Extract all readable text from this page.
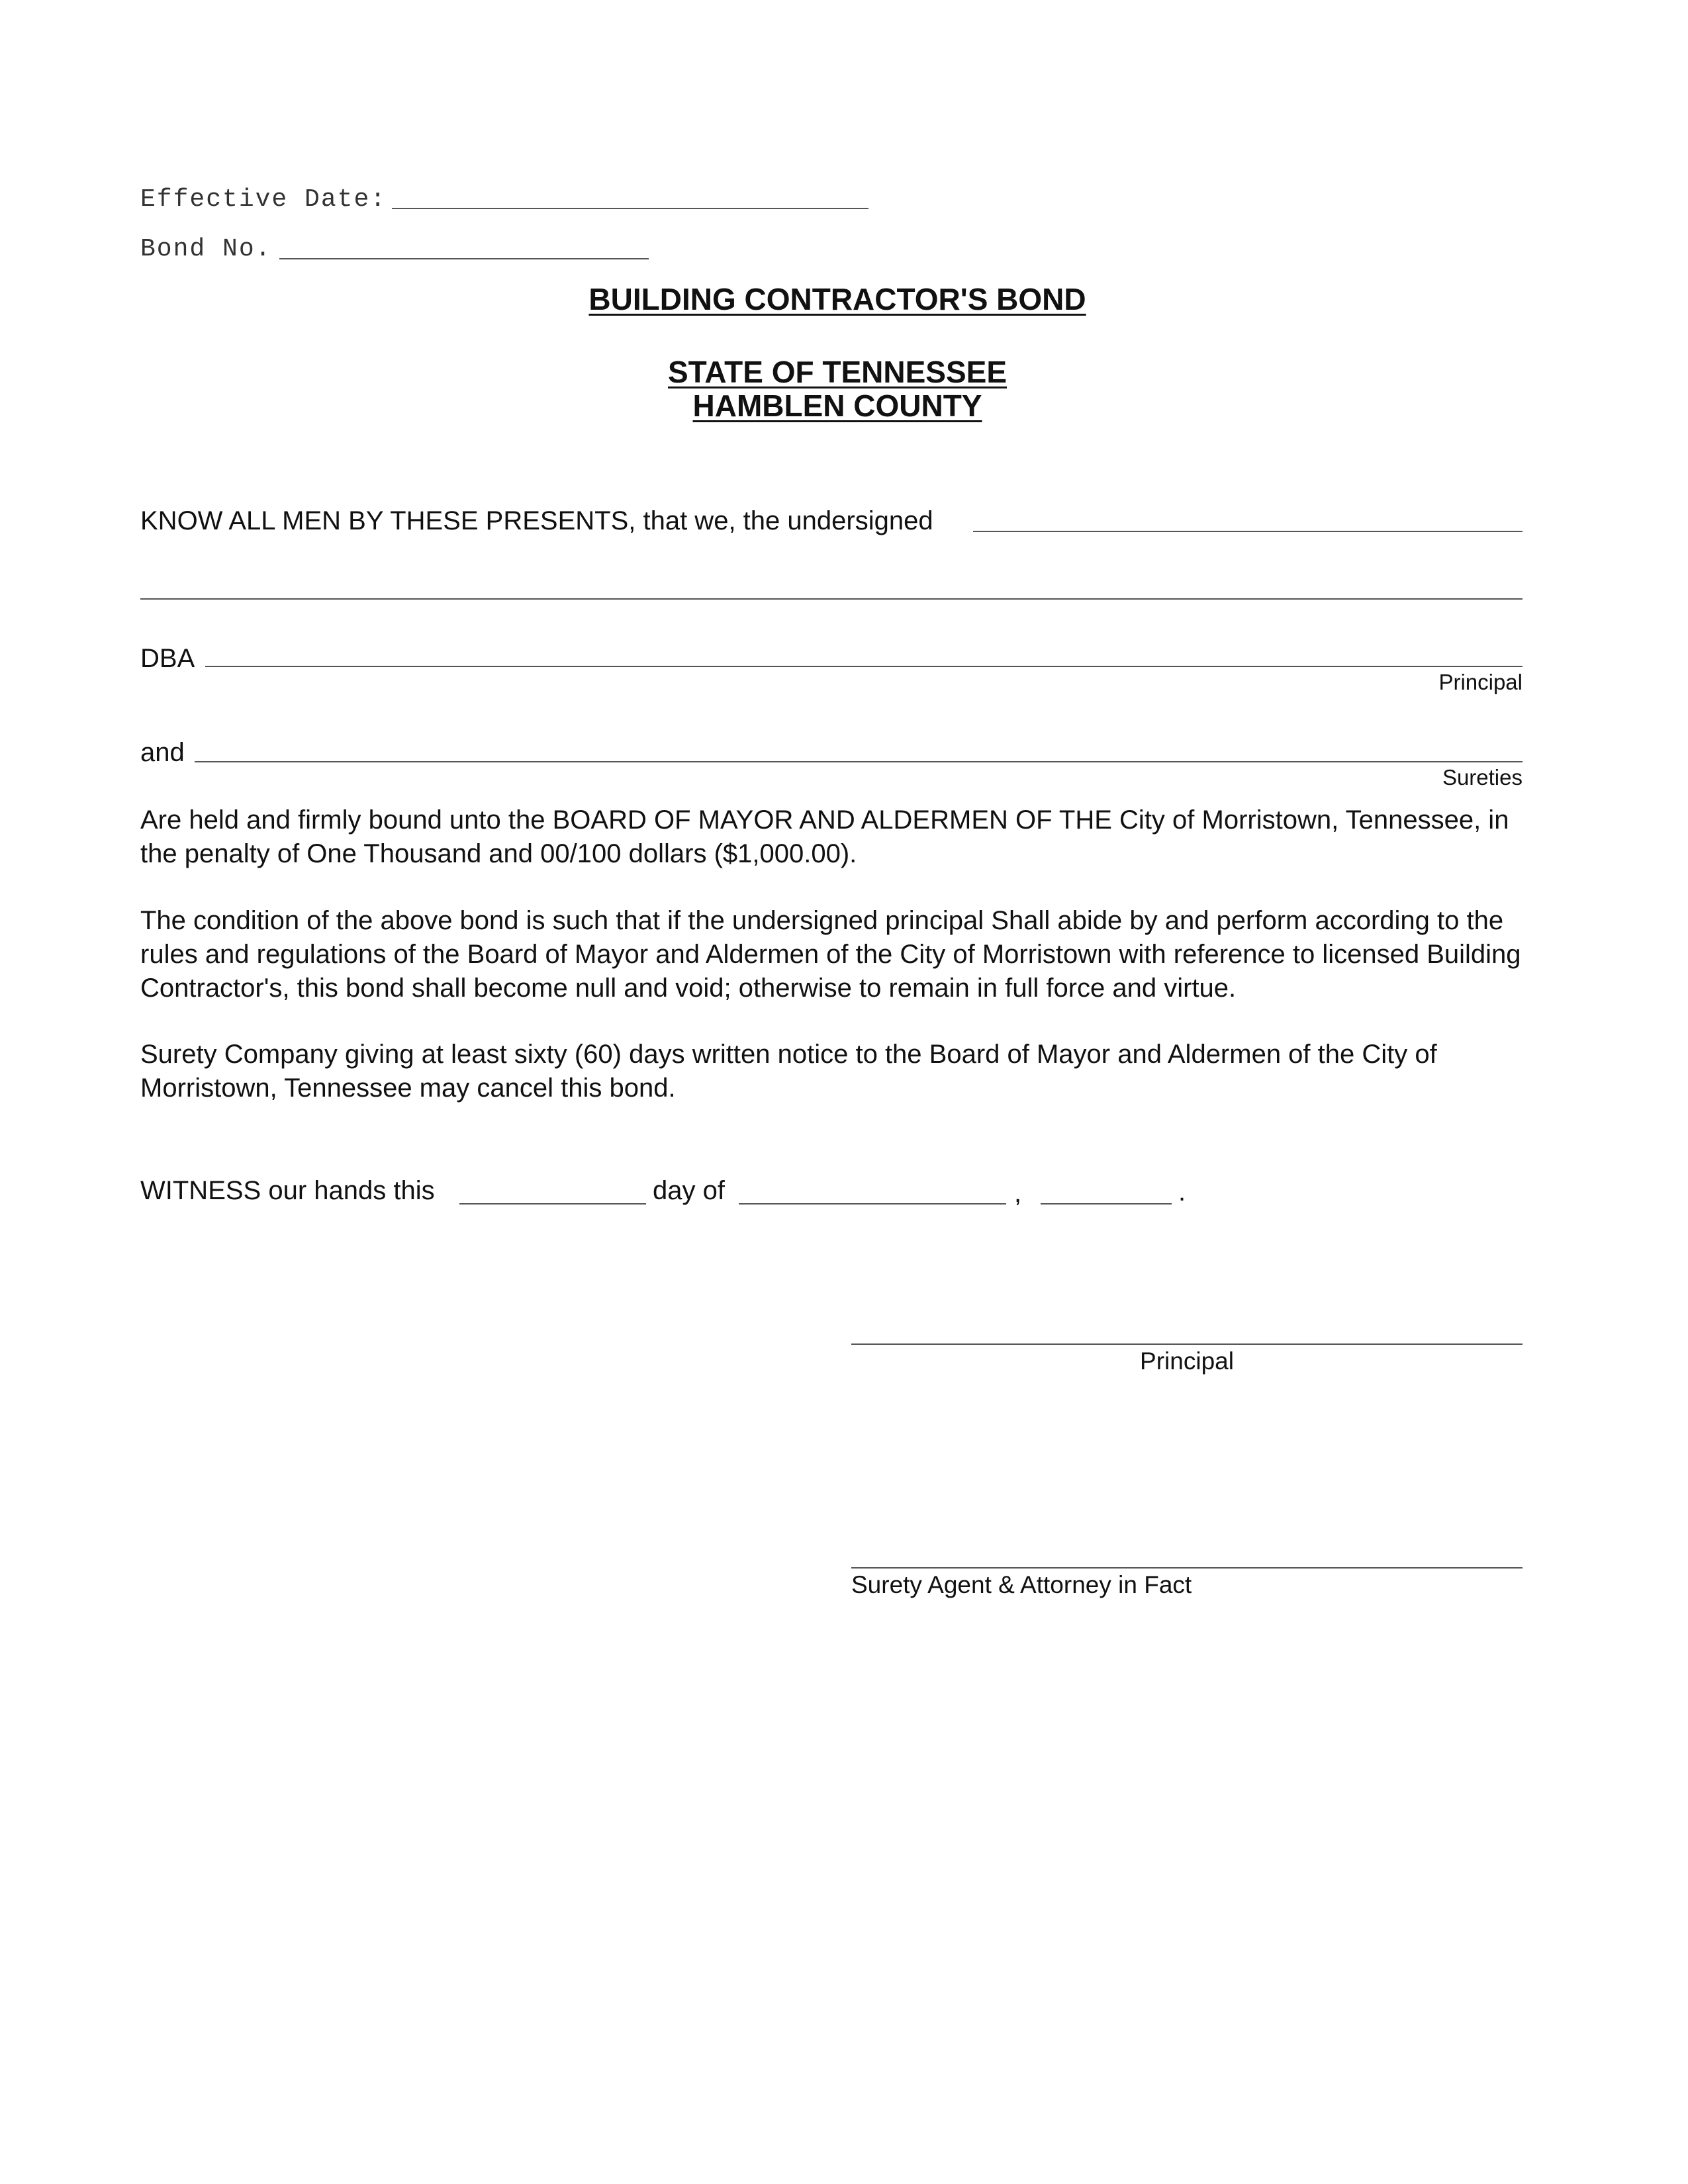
Effective Date:
Bond No.
BUILDING CONTRACTOR'S BOND
STATE OF TENNESSEE
HAMBLEN COUNTY
KNOW ALL MEN BY THESE PRESENTS, that we, the undersigned
DBA
Principal
and
Sureties
Are held and firmly bound unto the BOARD OF MAYOR AND ALDERMEN OF THE City of Morristown, Tennessee, in the penalty of One Thousand and 00/100 dollars ($1,000.00).
The condition of the above bond is such that if the undersigned principal Shall abide by and perform according to the rules and regulations of the Board of Mayor and Aldermen of the City of Morristown with reference to licensed Building Contractor's, this bond shall become null and void; otherwise to remain in full force and virtue.
Surety Company giving at least sixty (60) days written notice to the Board of Mayor and Aldermen of the City of Morristown, Tennessee may cancel this bond.
WITNESS our hands this	day of	,	.
Principal
Surety Agent & Attorney in Fact
